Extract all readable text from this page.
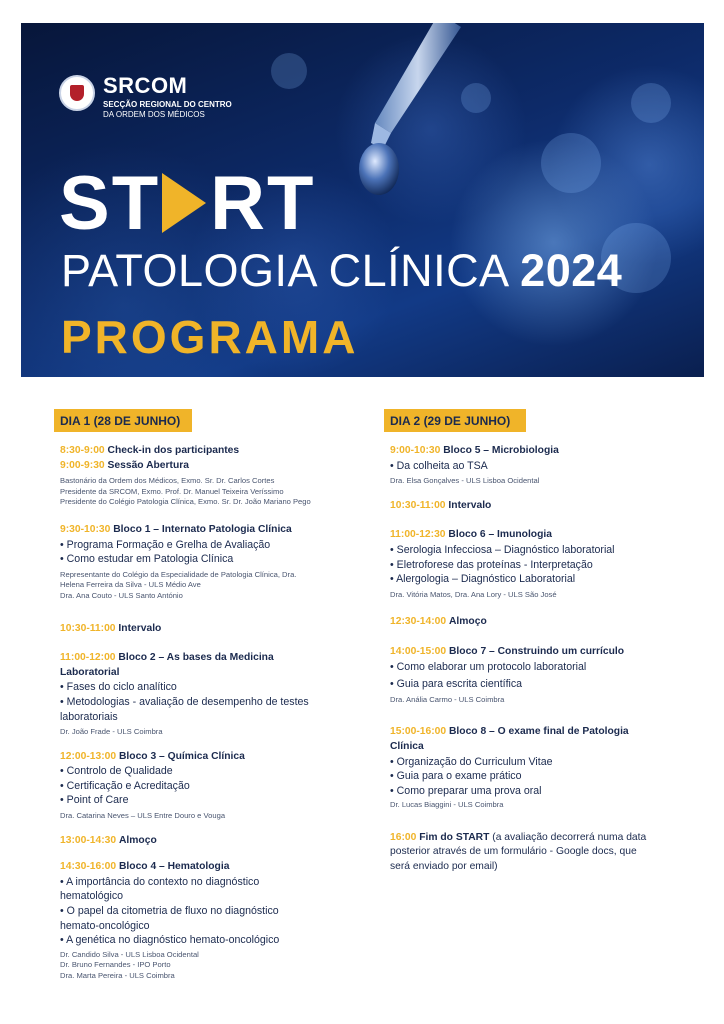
SRCOM
SECÇÃO REGIONAL DO CENTRO
DA ORDEM DOS MÉDICOS
ST RT
PATOLOGIA CLÍNICA 2024
PROGRAMA
DIA 1 (28 DE JUNHO)
8:30-9:00 Check-in dos participantes
9:00-9:30 Sessão Abertura
Bastonário da Ordem dos Médicos, Exmo. Sr. Dr. Carlos Cortes
Presidente da SRCOM, Exmo. Prof. Dr. Manuel Teixeira Veríssimo
Presidente do Colégio Patologia Clínica, Exmo. Sr. Dr. João Mariano Pego
9:30-10:30 Bloco 1 – Internato Patologia Clínica
• Programa Formação e Grelha de Avaliação
• Como estudar em Patologia Clínica
Representante do Colégio da Especialidade de Patologia Clínica, Dra.
Helena Ferreira da Silva - ULS Médio Ave
Dra. Ana Couto - ULS Santo António
10:30-11:00 Intervalo
11:00-12:00 Bloco 2 – As bases da Medicina
Laboratorial
• Fases do ciclo analítico
• Metodologias - avaliação de desempenho de testes
laboratoriais
Dr. João Frade - ULS Coimbra
12:00-13:00 Bloco 3 – Química Clínica
• Controlo de Qualidade
• Certificação e Acreditação
• Point of Care
Dra. Catarina Neves – ULS Entre Douro e Vouga
13:00-14:30 Almoço
14:30-16:00 Bloco 4 – Hematologia
• A importância do contexto no diagnóstico
hematológico
• O papel da citometria de fluxo no diagnóstico
hemato-oncológico
• A genética no diagnóstico hemato-oncológico
Dr. Candido Silva - ULS Lisboa Ocidental
Dr. Bruno Fernandes - IPO Porto
Dra. Marta Pereira - ULS Coimbra
DIA 2 (29 DE JUNHO)
9:00-10:30 Bloco 5 – Microbiologia
• Da colheita ao TSA
Dra. Elsa Gonçalves - ULS Lisboa Ocidental
10:30-11:00 Intervalo
11:00-12:30 Bloco 6 – Imunologia
• Serologia Infecciosa – Diagnóstico laboratorial
• Eletroforese das proteínas - Interpretação
• Alergologia – Diagnóstico Laboratorial
Dra. Vitória Matos, Dra. Ana Lory - ULS São José
12:30-14:00 Almoço
14:00-15:00 Bloco 7 – Construindo um currículo
• Como elaborar um protocolo laboratorial
• Guia para escrita científica
Dra. Anália Carmo - ULS Coimbra
15:00-16:00 Bloco 8 – O exame final de Patologia
Clínica
• Organização do Curriculum Vitae
• Guia para o exame prático
• Como preparar uma prova oral
Dr. Lucas Biaggini - ULS Coimbra
16:00 Fim do START (a avaliação decorrerá numa data
posterior através de um formulário - Google docs, que
será enviado por email)
